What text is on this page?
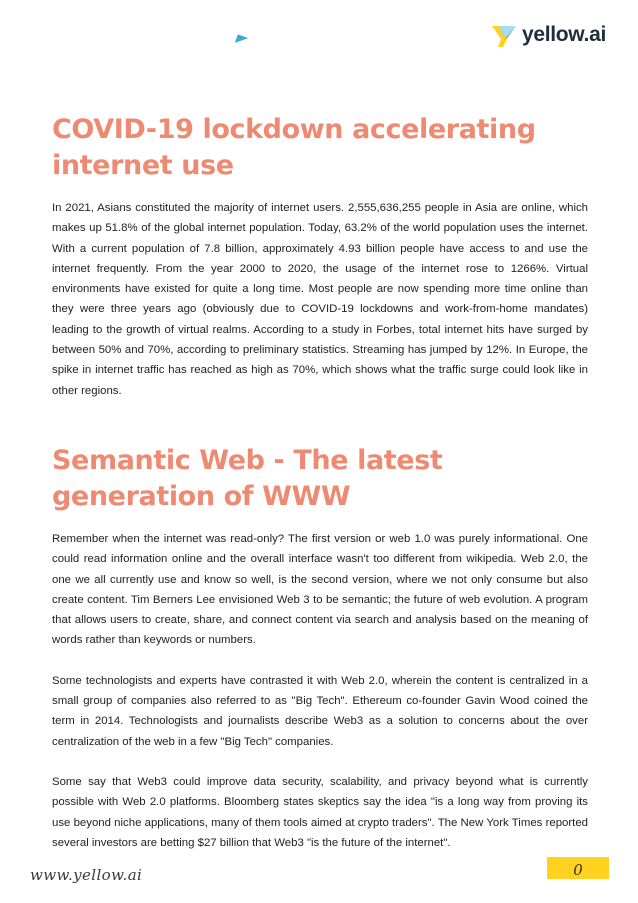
yellow.ai
COVID-19 lockdown accelerating internet use

In 2021, Asians constituted the majority of internet users. 2,555,636,255 people in Asia are online, which makes up 51.8% of the global internet population. Today, 63.2% of the world population uses the internet. With a current population of 7.8 billion, approximately 4.93 billion people have access to and use the internet frequently. From the year 2000 to 2020, the usage of the internet rose to 1266%. Virtual environments have existed for quite a long time. Most people are now spending more time online than they were three years ago (obviously due to COVID-19 lockdowns and work-from-home mandates) leading to the growth of virtual realms. According to a study in Forbes, total internet hits have surged by between 50% and 70%, according to preliminary statistics. Streaming has jumped by 12%. In Europe, the spike in internet traffic has reached as high as 70%, which shows what the traffic surge could look like in other regions.

Semantic Web - The latest generation of WWW

Remember when the internet was read-only? The first version or web 1.0 was purely informational. One could read information online and the overall interface wasn't too different from wikipedia. Web 2.0, the one we all currently use and know so well, is the second version, where we not only consume but also create content. Tim Berners Lee envisioned Web 3 to be semantic; the future of web evolution. A program that allows users to create, share, and connect content via search and analysis based on the meaning of words rather than keywords or numbers.

Some technologists and experts have contrasted it with Web 2.0, wherein the content is centralized in a small group of companies also referred to as "Big Tech". Ethereum co-founder Gavin Wood coined the term in 2014. Technologists and journalists describe Web3 as a solution to concerns about the over centralization of the web in a few "Big Tech" companies.

Some say that Web3 could improve data security, scalability, and privacy beyond what is currently possible with Web 2.0 platforms. Bloomberg states skeptics say the idea "is a long way from proving its use beyond niche applications, many of them tools aimed at crypto traders". The New York Times reported several investors are betting $27 billion that Web3 "is the future of the internet".

www.yellow.ai	0
